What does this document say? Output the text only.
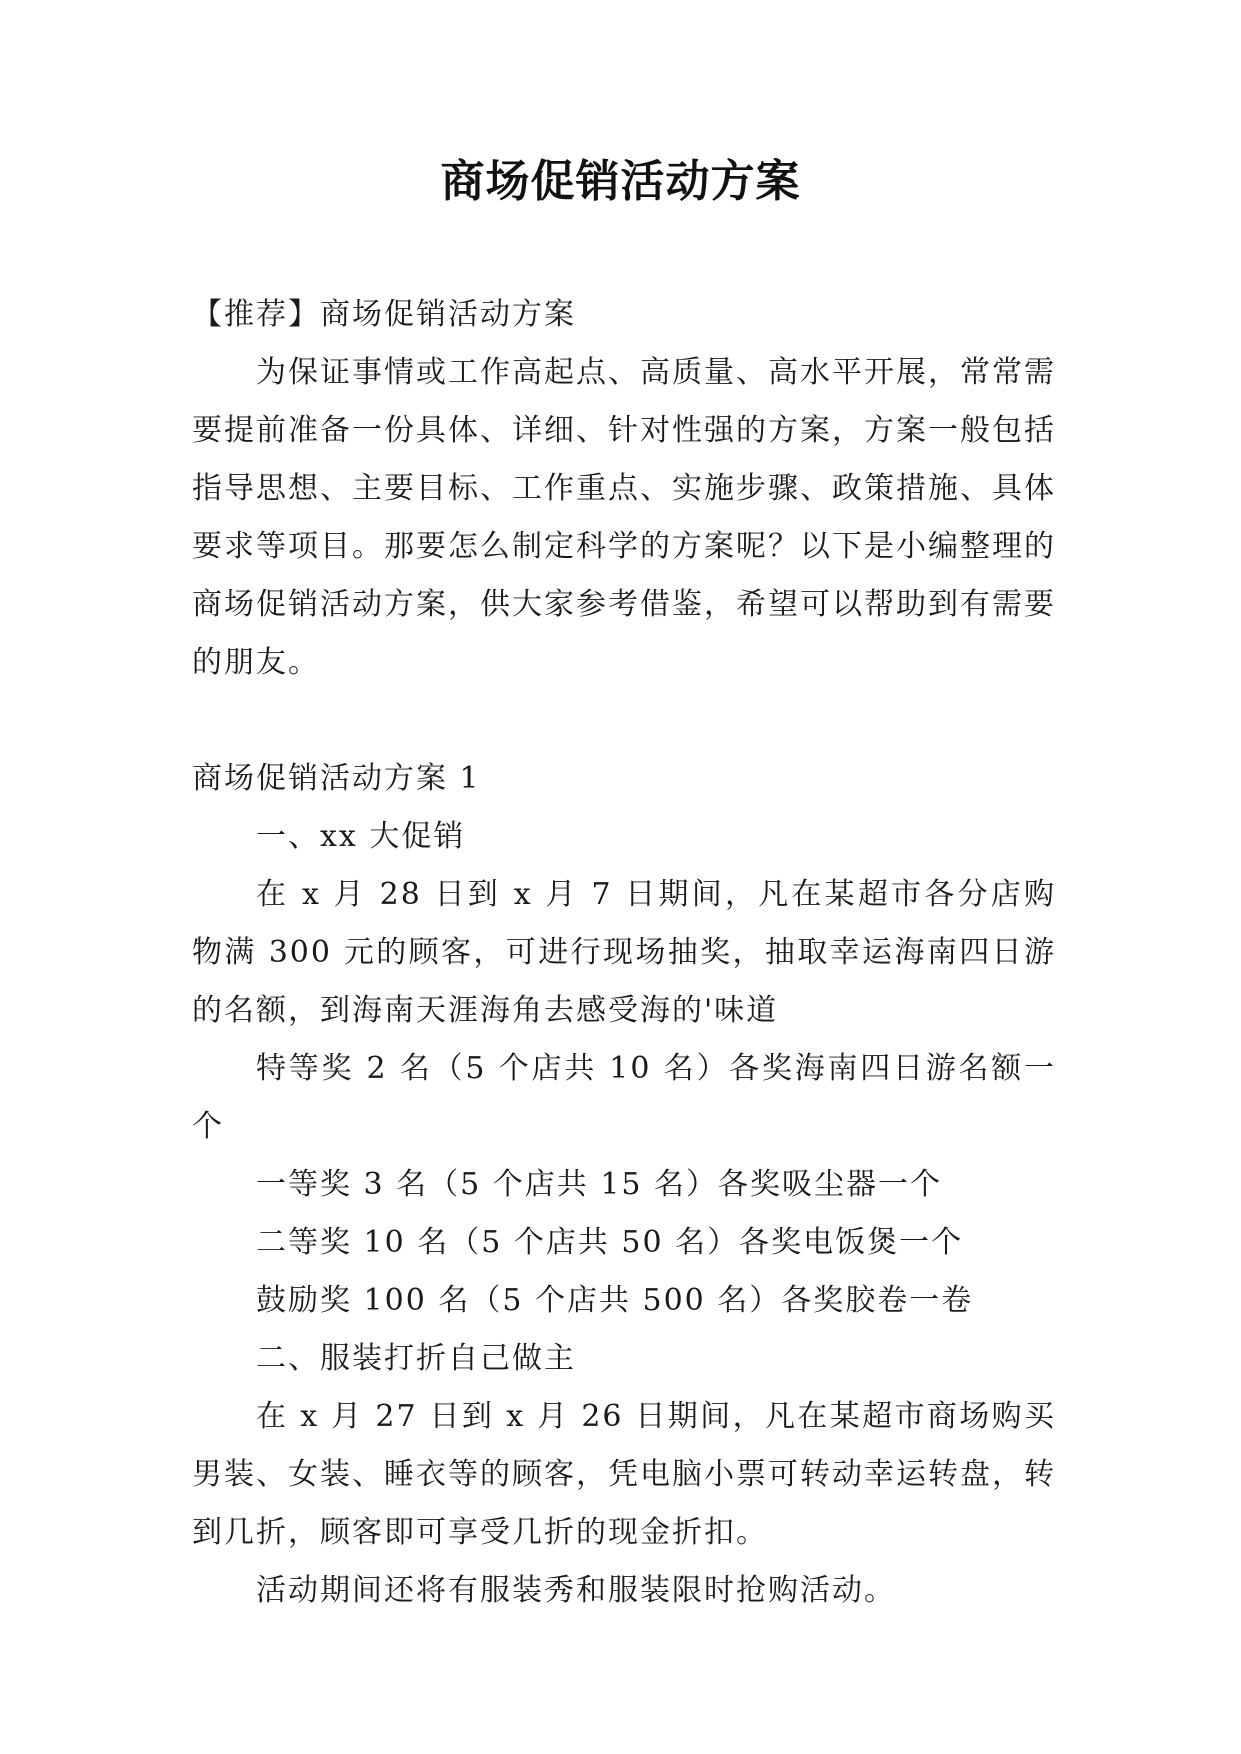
商场促销活动方案

【推荐】商场促销活动方案

为保证事情或工作高起点、高质量、高水平开展，常常需要提前准备一份具体、详细、针对性强的方案，方案一般包括指导思想、主要目标、工作重点、实施步骤、政策措施、具体要求等项目。那要怎么制定科学的方案呢？以下是小编整理的商场促销活动方案，供大家参考借鉴，希望可以帮助到有需要的朋友。

商场促销活动方案 1

一、xx 大促销

在 x 月 28 日到 x 月 7 日期间，凡在某超市各分店购物满 300 元的顾客，可进行现场抽奖，抽取幸运海南四日游的名额，到海南天涯海角去感受海的'味道

特等奖 2 名（5 个店共 10 名）各奖海南四日游名额一个

一等奖 3 名（5 个店共 15 名）各奖吸尘器一个

二等奖 10 名（5 个店共 50 名）各奖电饭煲一个

鼓励奖 100 名（5 个店共 500 名）各奖胶卷一卷

二、服装打折自己做主

在 x 月 27 日到 x 月 26 日期间，凡在某超市商场购买男装、女装、睡衣等的顾客，凭电脑小票可转动幸运转盘，转到几折，顾客即可享受几折的现金折扣。

活动期间还将有服装秀和服装限时抢购活动。
